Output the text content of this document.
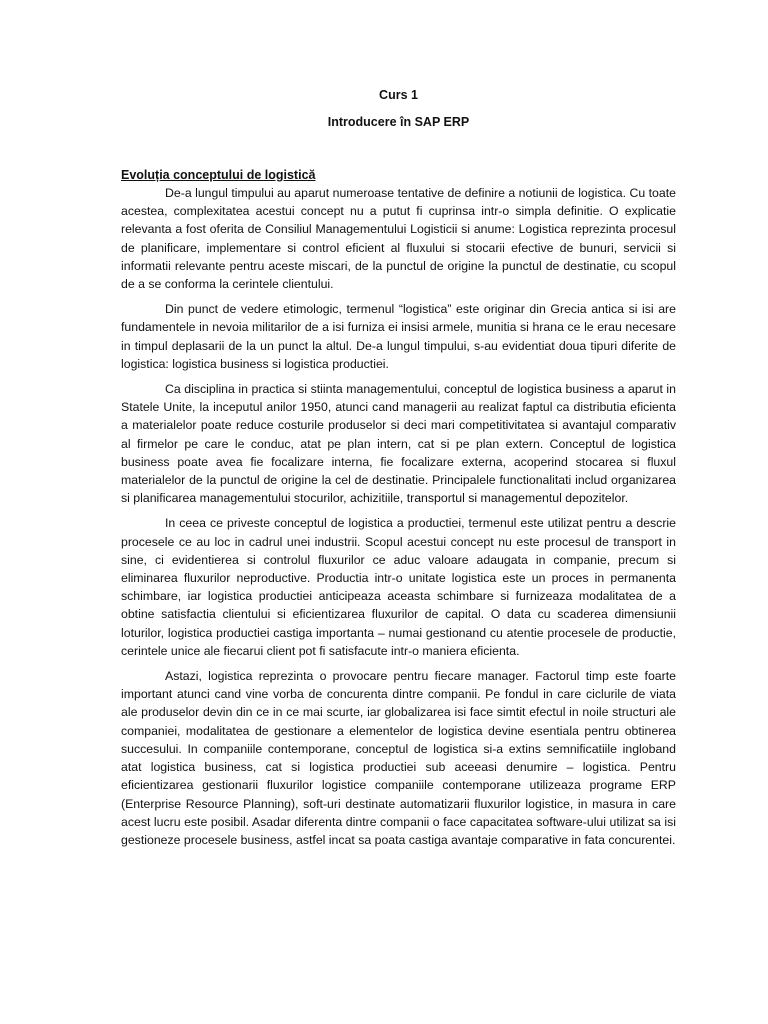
Curs 1

Introducere în SAP ERP

Evoluția conceptului de logistică

De-a lungul timpului au aparut numeroase tentative de definire a notiunii de logistica. Cu toate acestea, complexitatea acestui concept nu a putut fi cuprinsa intr-o simpla definitie. O explicatie relevanta a fost oferita de Consiliul Managementului Logisticii si anume: Logistica reprezinta procesul de planificare, implementare si control eficient al fluxului si stocarii efective de bunuri, servicii si informatii relevante pentru aceste miscari, de la punctul de origine la punctul de destinatie, cu scopul de a se conforma la cerintele clientului.

Din punct de vedere etimologic, termenul “logistica” este originar din Grecia antica si isi are fundamentele in nevoia militarilor de a isi furniza ei insisi armele, munitia si hrana ce le erau necesare in timpul deplasarii de la un punct la altul. De-a lungul timpului, s-au evidentiat doua tipuri diferite de logistica: logistica business si logistica productiei.

Ca disciplina in practica si stiinta managementului, conceptul de logistica business a aparut in Statele Unite, la inceputul anilor 1950, atunci cand managerii au realizat faptul ca distributia eficienta a materialelor poate reduce costurile produselor si deci mari competitivitatea si avantajul comparativ al firmelor pe care le conduc, atat pe plan intern, cat si pe plan extern. Conceptul de logistica business poate avea fie focalizare interna, fie focalizare externa, acoperind stocarea si fluxul materialelor de la punctul de origine la cel de destinatie. Principalele functionalitati includ organizarea si planificarea managementului stocurilor, achizitiile, transportul si managementul depozitelor.

In ceea ce priveste conceptul de logistica a productiei, termenul este utilizat pentru a descrie procesele ce au loc in cadrul unei industrii. Scopul acestui concept nu este procesul de transport in sine, ci evidentierea si controlul fluxurilor ce aduc valoare adaugata in companie, precum si eliminarea fluxurilor neproductive. Productia intr-o unitate logistica este un proces in permanenta schimbare, iar logistica productiei anticipeaza aceasta schimbare si furnizeaza modalitatea de a obtine satisfactia clientului si eficientizarea fluxurilor de capital. O data cu scaderea dimensiunii loturilor, logistica productiei castiga importanta – numai gestionand cu atentie procesele de productie, cerintele unice ale fiecarui client pot fi satisfacute intr-o maniera eficienta.

Astazi, logistica reprezinta o provocare pentru fiecare manager. Factorul timp este foarte important atunci cand vine vorba de concurenta dintre companii. Pe fondul in care ciclurile de viata ale produselor devin din ce in ce mai scurte, iar globalizarea isi face simtit efectul in noile structuri ale companiei, modalitatea de gestionare a elementelor de logistica devine esentiala pentru obtinerea succesului. In companiile contemporane, conceptul de logistica si-a extins semnificatiile ingloband atat logistica business, cat si logistica productiei sub aceeasi denumire – logistica. Pentru eficientizarea gestionarii fluxurilor logistice companiile contemporane utilizeaza programe ERP (Enterprise Resource Planning), soft-uri destinate automatizarii fluxurilor logistice, in masura in care acest lucru este posibil. Asadar diferenta dintre companii o face capacitatea software-ului utilizat sa isi gestioneze procesele business, astfel incat sa poata castiga avantaje comparative in fata concurentei.
